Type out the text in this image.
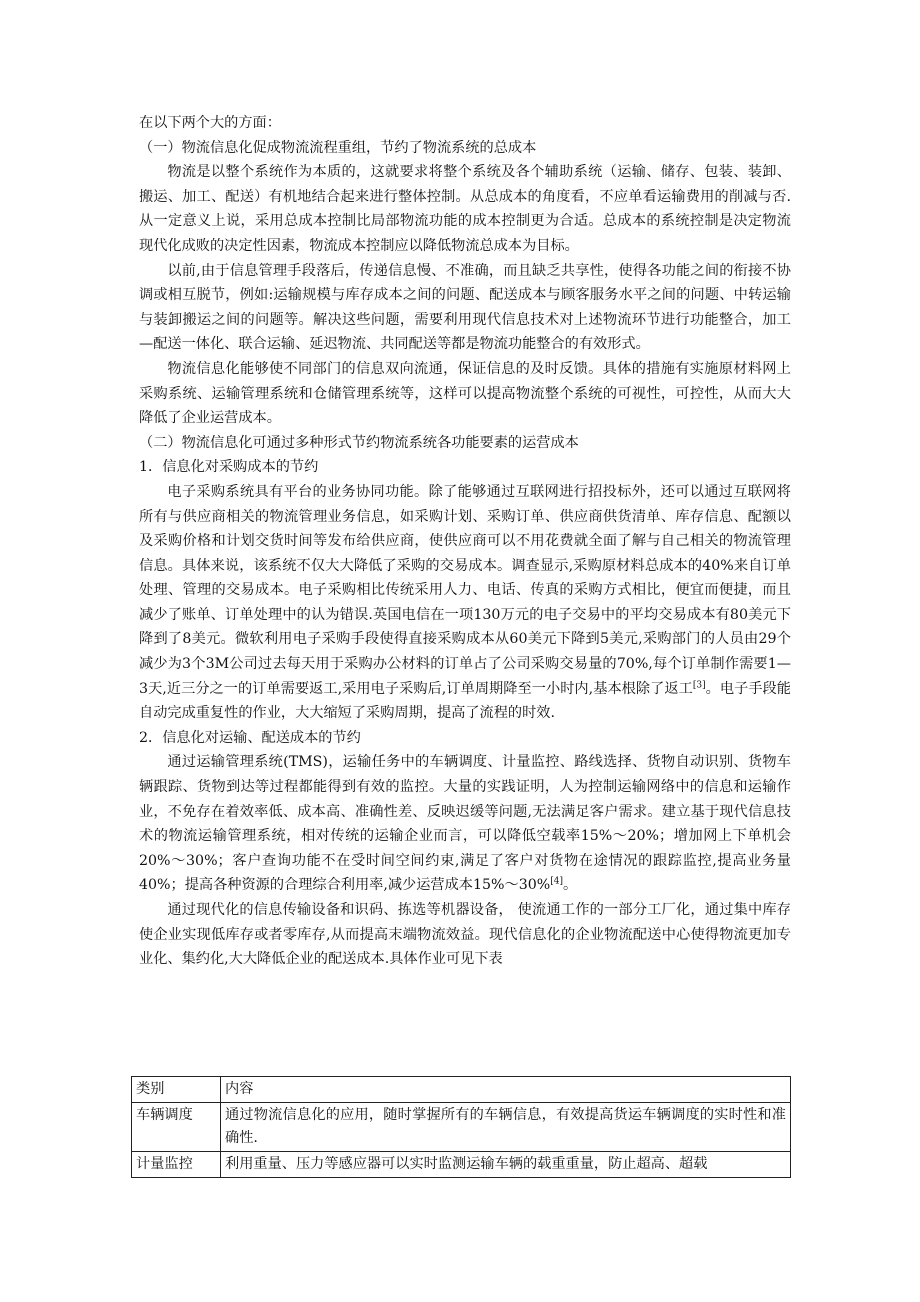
在以下两个大的方面：

（一）物流信息化促成物流流程重组，节约了物流系统的总成本

物流是以整个系统作为本质的，这就要求将整个系统及各个辅助系统（运输、储存、包装、装卸、搬运、加工、配送）有机地结合起来进行整体控制。从总成本的角度看，不应单看运输费用的削减与否.从一定意义上说，采用总成本控制比局部物流功能的成本控制更为合适。总成本的系统控制是决定物流现代化成败的决定性因素，物流成本控制应以降低物流总成本为目标。

以前,由于信息管理手段落后，传递信息慢、不准确，而且缺乏共享性，使得各功能之间的衔接不协调或相互脱节，例如:运输规模与库存成本之间的问题、配送成本与顾客服务水平之间的问题、中转运输与装卸搬运之间的问题等。解决这些问题，需要利用现代信息技术对上述物流环节进行功能整合，加工—配送一体化、联合运输、延迟物流、共同配送等都是物流功能整合的有效形式。

物流信息化能够使不同部门的信息双向流通，保证信息的及时反馈。具体的措施有实施原材料网上采购系统、运输管理系统和仓储管理系统等，这样可以提高物流整个系统的可视性，可控性，从而大大降低了企业运营成本。

（二）物流信息化可通过多种形式节约物流系统各功能要素的运营成本

1．信息化对采购成本的节约

电子采购系统具有平台的业务协同功能。除了能够通过互联网进行招投标外，还可以通过互联网将所有与供应商相关的物流管理业务信息，如采购计划、采购订单、供应商供货清单、库存信息、配额以及采购价格和计划交货时间等发布给供应商，使供应商可以不用花费就全面了解与自己相关的物流管理信息。具体来说，该系统不仅大大降低了采购的交易成本。调查显示,采购原材料总成本的40%来自订单处理、管理的交易成本。电子采购相比传统采用人力、电话、传真的采购方式相比，便宜而便捷，而且减少了账单、订单处理中的认为错误.英国电信在一项130万元的电子交易中的平均交易成本有80美元下降到了8美元。微软利用电子采购手段使得直接采购成本从60美元下降到5美元,采购部门的人员由29个减少为3个3M公司过去每天用于采购办公材料的订单占了公司采购交易量的70%,每个订单制作需要1—3天,近三分之一的订单需要返工,采用电子采购后,订单周期降至一小时内,基本根除了返工[3]。电子手段能自动完成重复性的作业，大大缩短了采购周期，提高了流程的时效.

2．信息化对运输、配送成本的节约

通过运输管理系统(TMS)，运输任务中的车辆调度、计量监控、路线选择、货物自动识别、货物车辆跟踪、货物到达等过程都能得到有效的监控。大量的实践证明，人为控制运输网络中的信息和运输作业，不免存在着效率低、成本高、准确性差、反映迟缓等问题,无法满足客户需求。建立基于现代信息技术的物流运输管理系统，相对传统的运输企业而言，可以降低空载率15%～20%；增加网上下单机会20%～30%；客户查询功能不在受时间空间约束,满足了客户对货物在途情况的跟踪监控,提高业务量40%；提高各种资源的合理综合利用率,减少运营成本15%～30%[4]。

通过现代化的信息传输设备和识码、拣选等机器设备， 使流通工作的一部分工厂化，通过集中库存使企业实现低库存或者零库存,从而提高末端物流效益。现代信息化的企业物流配送中心使得物流更加专业化、集约化,大大降低企业的配送成本.具体作业可见下表

类别	内容
车辆调度	通过物流信息化的应用，随时掌握所有的车辆信息，有效提高货运车辆调度的实时性和准确性.
计量监控	利用重量、压力等感应器可以实时监测运输车辆的载重重量，防止超高、超载
